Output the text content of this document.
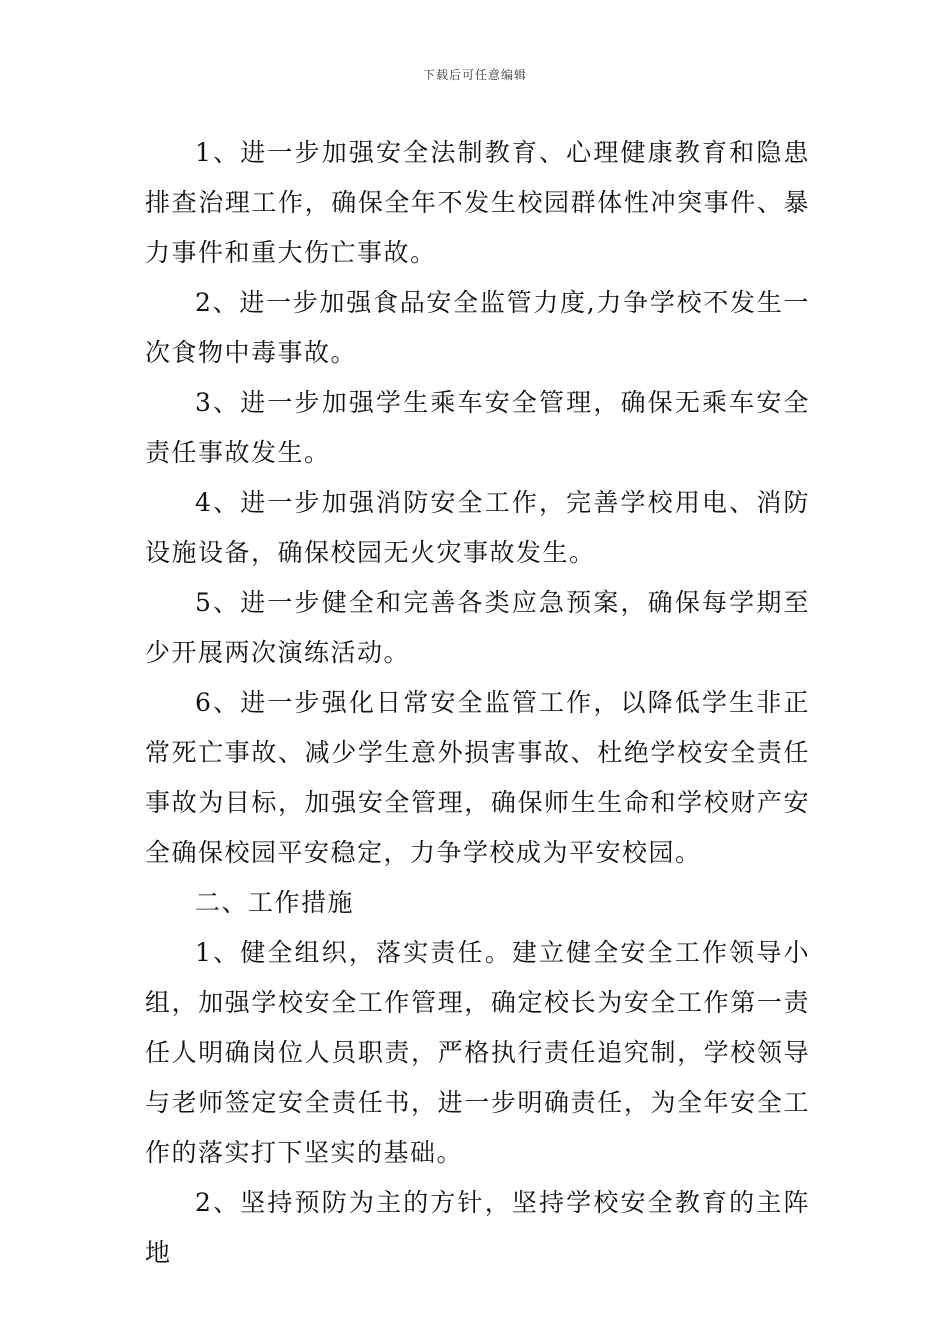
下载后可任意编辑

1、进一步加强安全法制教育、心理健康教育和隐患排查治理工作，确保全年不发生校园群体性冲突事件、暴力事件和重大伤亡事故。

2、进一步加强食品安全监管力度,力争学校不发生一次食物中毒事故。

3、进一步加强学生乘车安全管理，确保无乘车安全责任事故发生。

4、进一步加强消防安全工作，完善学校用电、消防设施设备，确保校园无火灾事故发生。

5、进一步健全和完善各类应急预案，确保每学期至少开展两次演练活动。

6、进一步强化日常安全监管工作，以降低学生非正常死亡事故、减少学生意外损害事故、杜绝学校安全责任事故为目标，加强安全管理，确保师生生命和学校财产安全确保校园平安稳定，力争学校成为平安校园。

二、工作措施

1、健全组织，落实责任。建立健全安全工作领导小组，加强学校安全工作管理，确定校长为安全工作第一责任人明确岗位人员职责，严格执行责任追究制，学校领导与老师签定安全责任书，进一步明确责任，为全年安全工作的落实打下坚实的基础。

2、坚持预防为主的方针，坚持学校安全教育的主阵地
